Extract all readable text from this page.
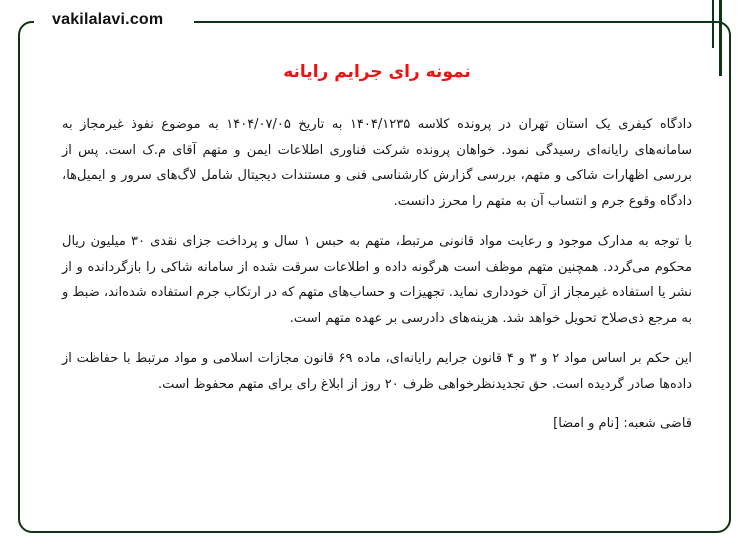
vakilalavi.com
نمونه رای جرایم رایانه

دادگاه کیفری یک استان تهران در پرونده کلاسه ۱۴۰۴/۱۲۳۵ به تاریخ ۱۴۰۴/۰۷/۰۵ به موضوع نفوذ غیرمجاز به سامانه‌های رایانه‌ای رسیدگی نمود. خواهان پرونده شرکت فناوری اطلاعات ایمن و متهم آقای م.ک است. پس از بررسی اظهارات شاکی و متهم، بررسی گزارش کارشناسی فنی و مستندات دیجیتال شامل لاگ‌های سرور و ایمیل‌ها، دادگاه وقوع جرم و انتساب آن به متهم را محرز دانست.

با توجه به مدارک موجود و رعایت مواد قانونی مرتبط، متهم به حبس ۱ سال و پرداخت جزای نقدی ۳۰ میلیون ریال محکوم می‌گردد. همچنین متهم موظف است هرگونه داده و اطلاعات سرقت شده از سامانه شاکی را بازگردانده و از نشر یا استفاده غیرمجاز از آن خودداری نماید. تجهیزات و حساب‌های متهم که در ارتکاب جرم استفاده شده‌اند، ضبط و به مرجع ذی‌صلاح تحویل خواهد شد. هزینه‌های دادرسی بر عهده متهم است.

این حکم بر اساس مواد ۲ و ۳ و ۴ قانون جرایم رایانه‌ای، ماده ۶۹ قانون مجازات اسلامی و مواد مرتبط با حفاظت از داده‌ها صادر گردیده است. حق تجدیدنظرخواهی ظرف ۲۰ روز از ابلاغ رای برای متهم محفوظ است.

قاضی شعبه: [نام و امضا]
